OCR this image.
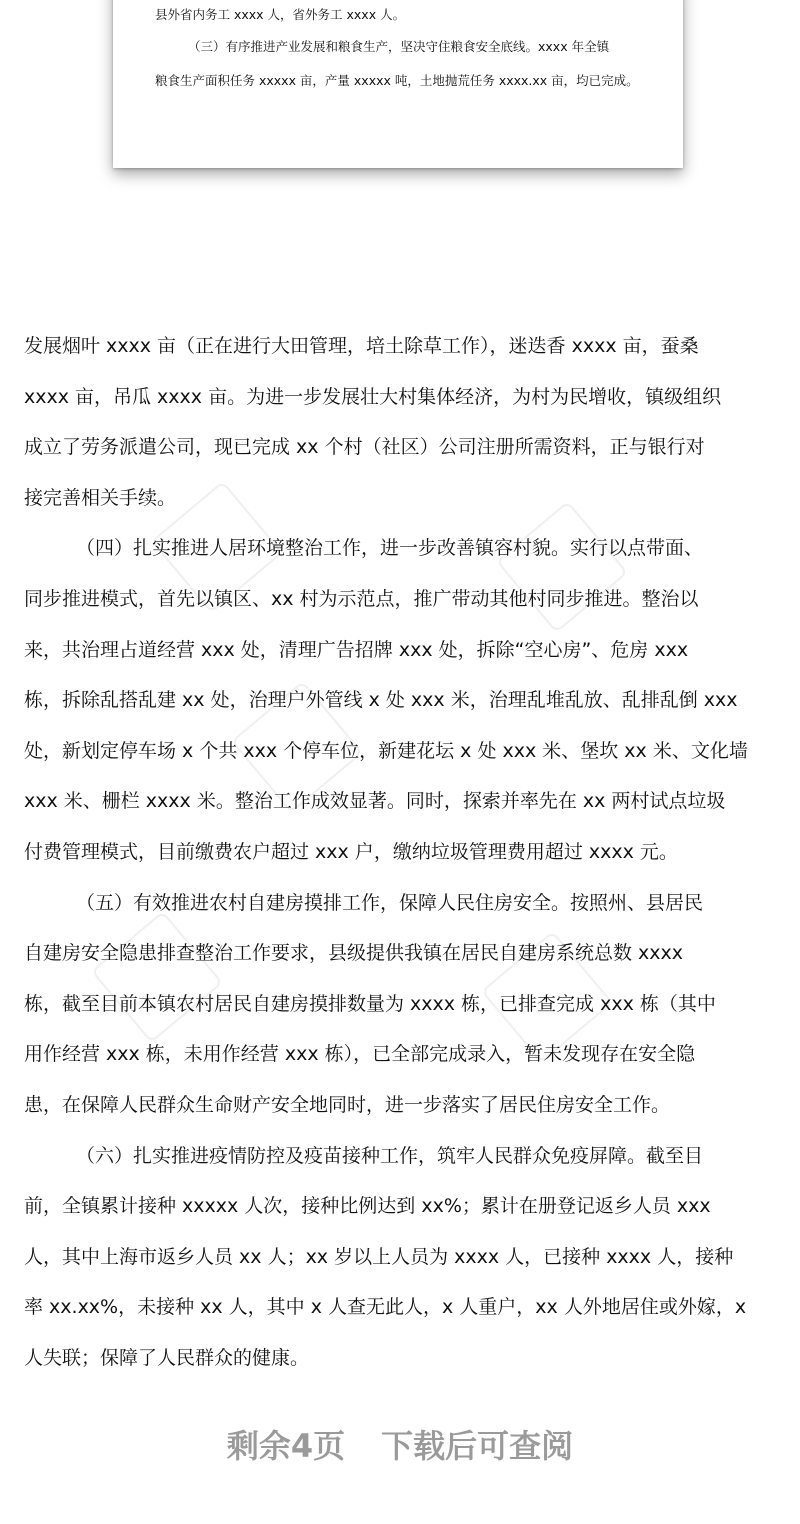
县外省内务工 xxxx 人，省外务工 xxxx 人。
（三）有序推进产业发展和粮食生产，坚决守住粮食安全底线。xxxx 年全镇
粮食生产面积任务 xxxxx 亩，产量 xxxxx 吨，土地抛荒任务 xxxx.xx 亩，均已完成。
发展烟叶 xxxx 亩（正在进行大田管理，培土除草工作），迷迭香 xxxx 亩，蚕桑
xxxx 亩，吊瓜 xxxx 亩。为进一步发展壮大村集体经济，为村为民增收，镇级组织
成立了劳务派遣公司，现已完成 xx 个村（社区）公司注册所需资料，正与银行对
接完善相关手续。
（四）扎实推进人居环境整治工作，进一步改善镇容村貌。实行以点带面、
同步推进模式，首先以镇区、xx 村为示范点，推广带动其他村同步推进。整治以
来，共治理占道经营 xxx 处，清理广告招牌 xxx 处，拆除“空心房”、危房 xxx
栋，拆除乱搭乱建 xx 处，治理户外管线 x 处 xxx 米，治理乱堆乱放、乱排乱倒 xxx
处，新划定停车场 x 个共 xxx 个停车位，新建花坛 x 处 xxx 米、堡坎 xx 米、文化墙
xxx 米、栅栏 xxxx 米。整治工作成效显著。同时，探索并率先在 xx 两村试点垃圾
付费管理模式，目前缴费农户超过 xxx 户，缴纳垃圾管理费用超过 xxxx 元。
（五）有效推进农村自建房摸排工作，保障人民住房安全。按照州、县居民
自建房安全隐患排查整治工作要求，县级提供我镇在居民自建房系统总数 xxxx
栋，截至目前本镇农村居民自建房摸排数量为 xxxx 栋，已排查完成 xxx 栋（其中
用作经营 xxx 栋，未用作经营 xxx 栋），已全部完成录入，暂未发现存在安全隐
患，在保障人民群众生命财产安全地同时，进一步落实了居民住房安全工作。
（六）扎实推进疫情防控及疫苗接种工作，筑牢人民群众免疫屏障。截至目
前，全镇累计接种 xxxxx 人次，接种比例达到 xx%；累计在册登记返乡人员 xxx
人，其中上海市返乡人员 xx 人；xx 岁以上人员为 xxxx 人，已接种 xxxx 人，接种
率 xx.xx%，未接种 xx 人，其中 x 人查无此人，x 人重户，xx 人外地居住或外嫁，x
人失联；保障了人民群众的健康。
剩余4页 下载后可查阅
